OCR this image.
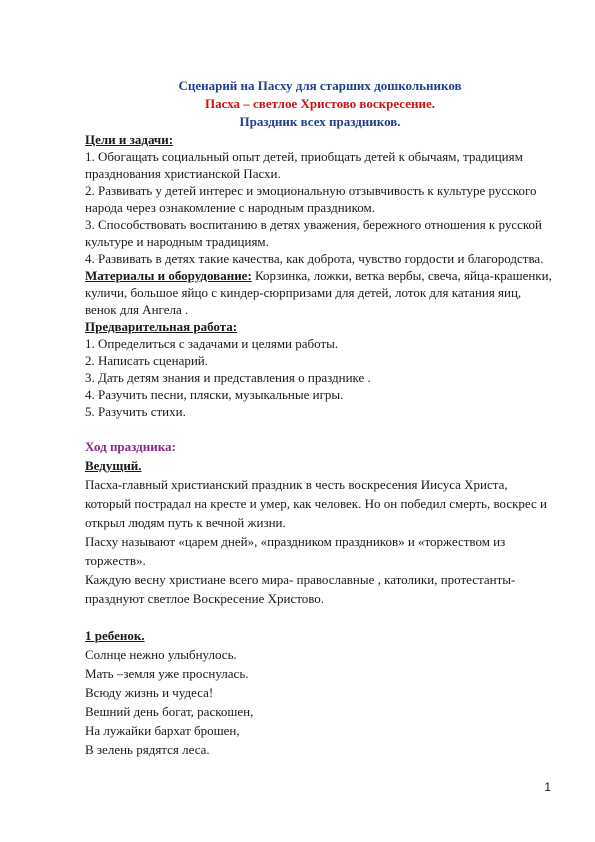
Сценарий на Пасху для старших дошкольников

Пасха – светлое Христово воскресение.

Праздник всех праздников.

Цели и задачи:

1. Обогащать социальный опыт детей, приобщать детей к обычаям, традициям празднования христианской Пасхи.

2. Развивать у детей интерес и эмоциональную отзывчивость к культуре русского народа через ознакомление с народным праздником.

3. Способствовать воспитанию в детях уважения, бережного отношения к русской культуре и народным традициям.

4. Развивать в детях такие качества, как доброта, чувство гордости и благородства.

Материалы и оборудование: Корзинка, ложки, ветка вербы, свеча, яйца-крашенки, куличи, большое яйцо с киндер-сюрпризами для детей, лоток для катания яиц, венок для Ангела .

Предварительная работа:

1. Определиться с задачами и целями работы.

2. Написать сценарий.

3. Дать детям знания и представления о празднике .

4. Разучить песни, пляски, музыкальные игры.

5. Разучить стихи.

Ход праздника:

Ведущий.

Пасха-главный христианский праздник в честь воскресения Иисуса Христа, который пострадал на кресте и умер, как человек. Но он победил смерть, воскрес и открыл людям путь к вечной жизни.

Пасху называют «царем дней», «праздником праздников» и «торжеством из торжеств».

Каждую весну христиане всего мира- православные , католики, протестанты-празднуют светлое Воскресение Христово.

1 ребенок.

Солнце нежно улыбнулось.

Мать –земля уже проснулась.

Всюду жизнь и чудеса!

Вешний день богат, раскошен,

На лужайки бархат брошен,

В зелень рядятся леса.

1
